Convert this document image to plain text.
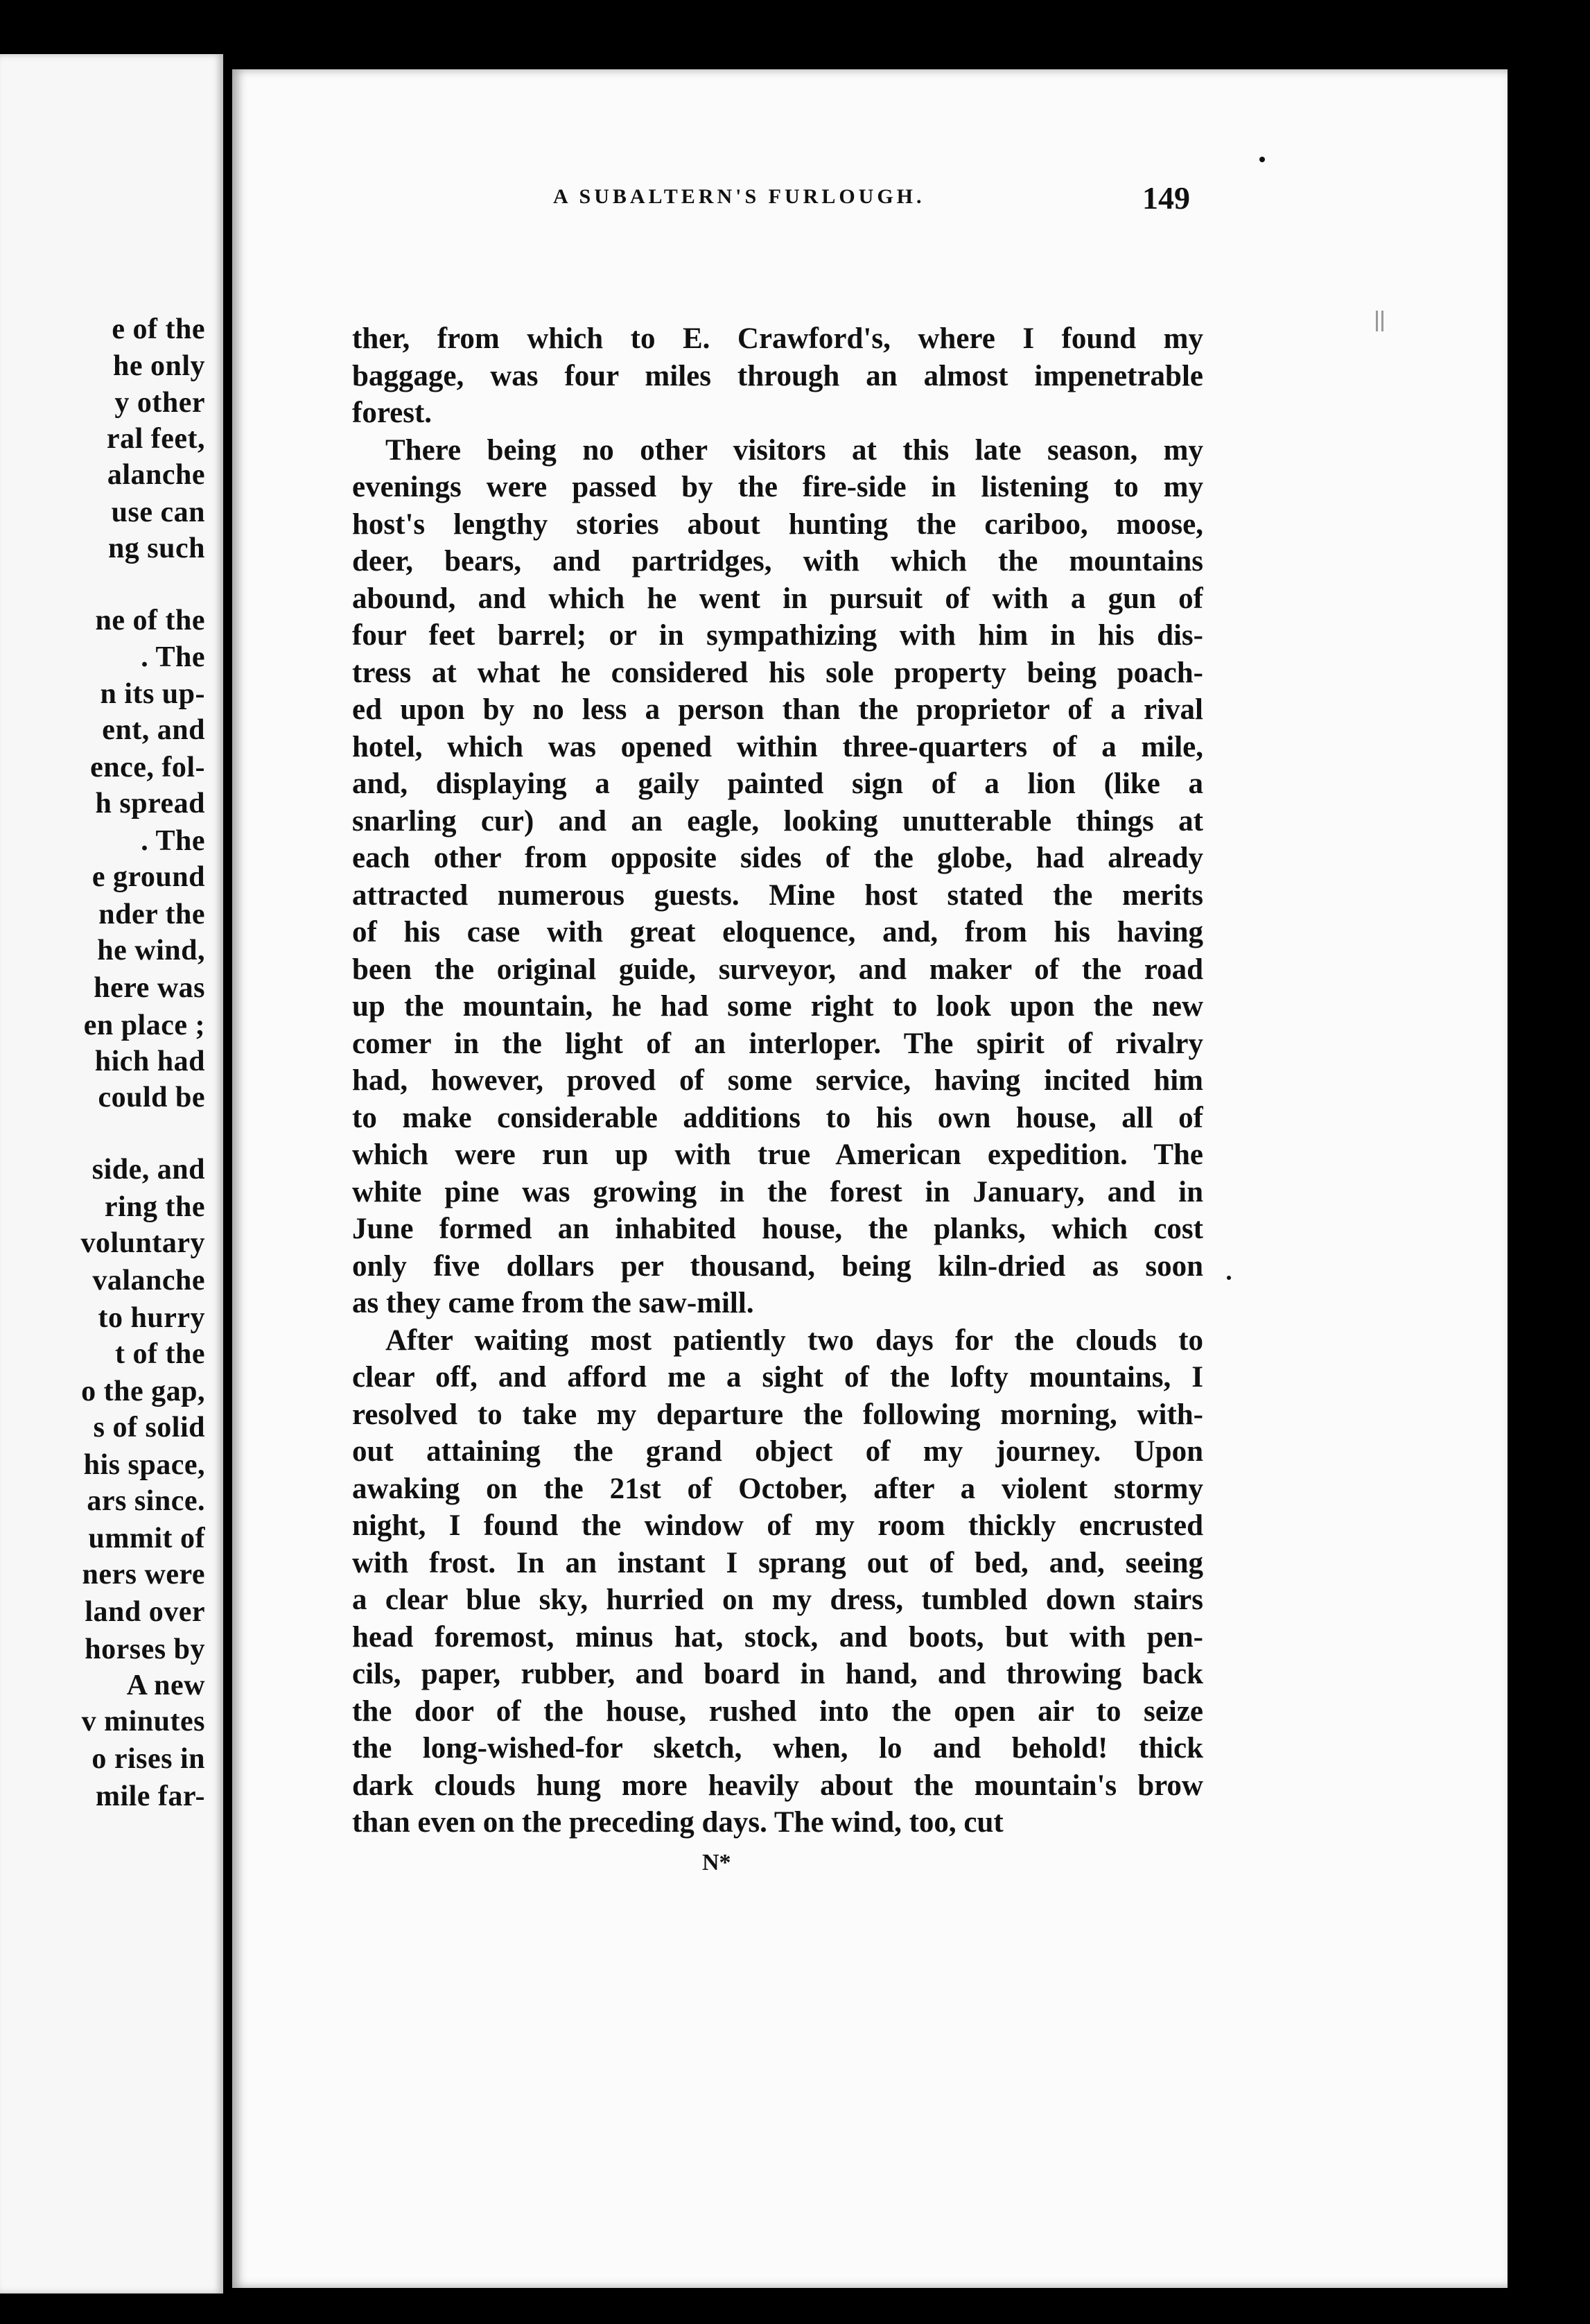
e of the
he only
y other
ral feet,
alanche
use can
ng such
ne of the
. The
n its up-
ent, and
ence, fol-
h spread
. The
e ground
nder the
he wind,
here was
en place ;
hich had
could be
side, and
ring the
voluntary
valanche
to hurry
t of the
o the gap,
s of solid
his space,
ars since.
ummit of
ners were
land over
horses by
A new
v minutes
o rises in
mile far-
A SUBALTERN'S FURLOUGH.	149
ther, from which to E. Crawford's, where I found my
baggage, was four miles through an almost impenetrable
forest.
There being no other visitors at this late season, my
evenings were passed by the fire-side in listening to my
host's lengthy stories about hunting the cariboo, moose,
deer, bears, and partridges, with which the mountains
abound, and which he went in pursuit of with a gun of
four feet barrel; or in sympathizing with him in his dis-
tress at what he considered his sole property being poach-
ed upon by no less a person than the proprietor of a rival
hotel, which was opened within three-quarters of a mile,
and, displaying a gaily painted sign of a lion (like a
snarling cur) and an eagle, looking unutterable things at
each other from opposite sides of the globe, had already
attracted numerous guests. Mine host stated the merits
of his case with great eloquence, and, from his having
been the original guide, surveyor, and maker of the road
up the mountain, he had some right to look upon the new
comer in the light of an interloper. The spirit of rivalry
had, however, proved of some service, having incited him
to make considerable additions to his own house, all of
which were run up with true American expedition. The
white pine was growing in the forest in January, and in
June formed an inhabited house, the planks, which cost
only five dollars per thousand, being kiln-dried as soon
as they came from the saw-mill.
After waiting most patiently two days for the clouds to
clear off, and afford me a sight of the lofty mountains, I
resolved to take my departure the following morning, with-
out attaining the grand object of my journey. Upon
awaking on the 21st of October, after a violent stormy
night, I found the window of my room thickly encrusted
with frost. In an instant I sprang out of bed, and, seeing
a clear blue sky, hurried on my dress, tumbled down stairs
head foremost, minus hat, stock, and boots, but with pen-
cils, paper, rubber, and board in hand, and throwing back
the door of the house, rushed into the open air to seize
the long-wished-for sketch, when, lo and behold! thick
dark clouds hung more heavily about the mountain's brow
than even on the preceding days. The wind, too, cut
N*
